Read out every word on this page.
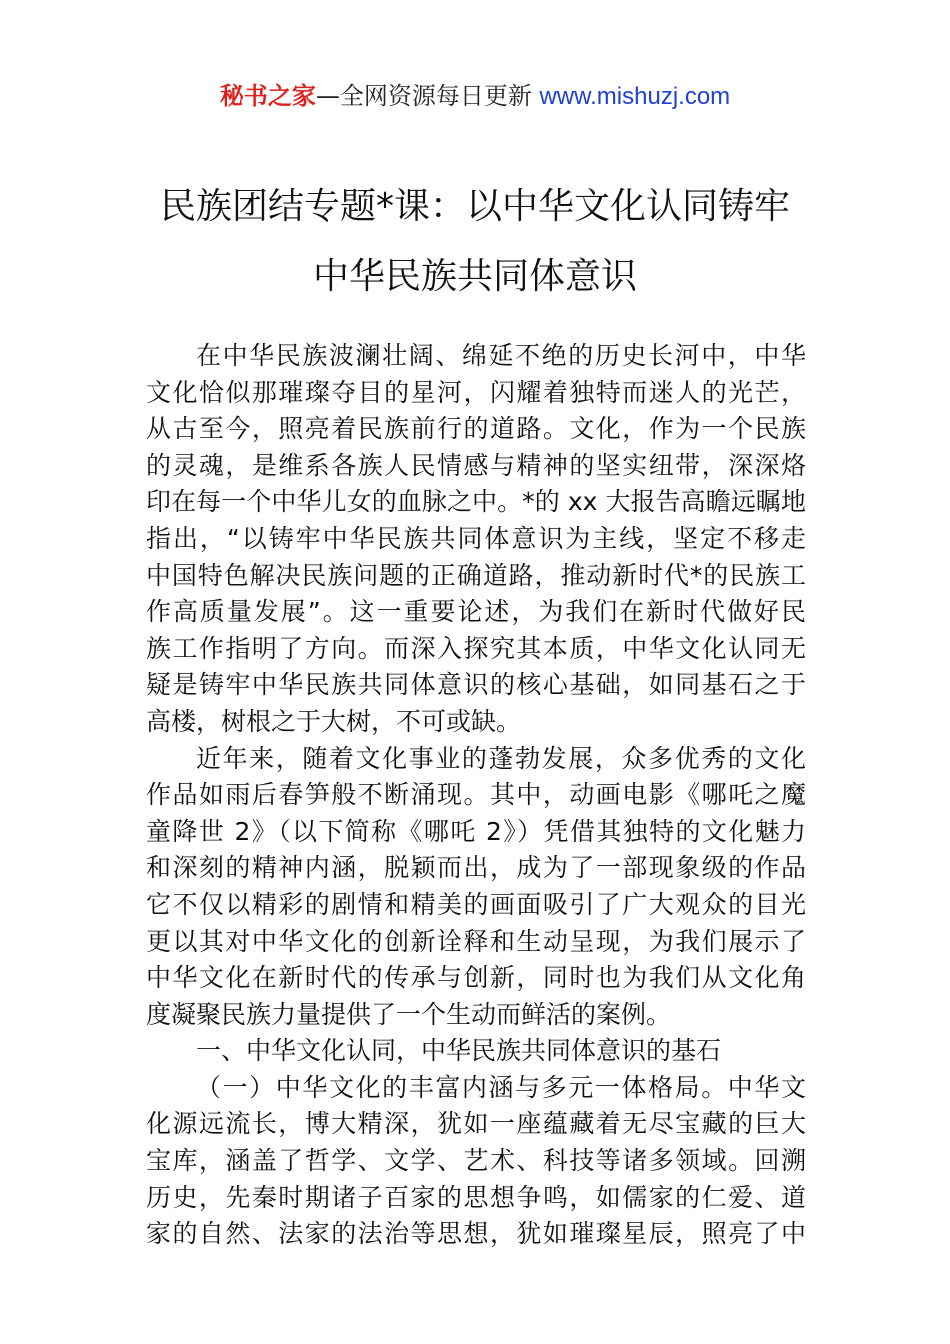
秘书之家—全网资源每日更新 www.mishuzj.com
民族团结专题*课：以中华文化认同铸牢
中华民族共同体意识
在中华民族波澜壮阔、绵延不绝的历史长河中，中华
文化恰似那璀璨夺目的星河，闪耀着独特而迷人的光芒，
从古至今，照亮着民族前行的道路。文化，作为一个民族
的灵魂，是维系各族人民情感与精神的坚实纽带，深深烙
印在每一个中华儿女的血脉之中。*的 xx 大报告高瞻远瞩地
指出，“以铸牢中华民族共同体意识为主线，坚定不移走
中国特色解决民族问题的正确道路，推动新时代*的民族工
作高质量发展”。这一重要论述，为我们在新时代做好民
族工作指明了方向。而深入探究其本质，中华文化认同无
疑是铸牢中华民族共同体意识的核心基础，如同基石之于
高楼，树根之于大树，不可或缺。
近年来，随着文化事业的蓬勃发展，众多优秀的文化
作品如雨后春笋般不断涌现。其中，动画电影《哪吒之魔
童降世 2》（以下简称《哪吒 2》）凭借其独特的文化魅力
和深刻的精神内涵，脱颖而出，成为了一部现象级的作品
它不仅以精彩的剧情和精美的画面吸引了广大观众的目光
更以其对中华文化的创新诠释和生动呈现，为我们展示了
中华文化在新时代的传承与创新，同时也为我们从文化角
度凝聚民族力量提供了一个生动而鲜活的案例。
一、中华文化认同，中华民族共同体意识的基石
（一）中华文化的丰富内涵与多元一体格局。中华文
化源远流长，博大精深，犹如一座蕴藏着无尽宝藏的巨大
宝库，涵盖了哲学、文学、艺术、科技等诸多领域。回溯
历史，先秦时期诸子百家的思想争鸣，如儒家的仁爱、道
家的自然、法家的法治等思想，犹如璀璨星辰，照亮了中
